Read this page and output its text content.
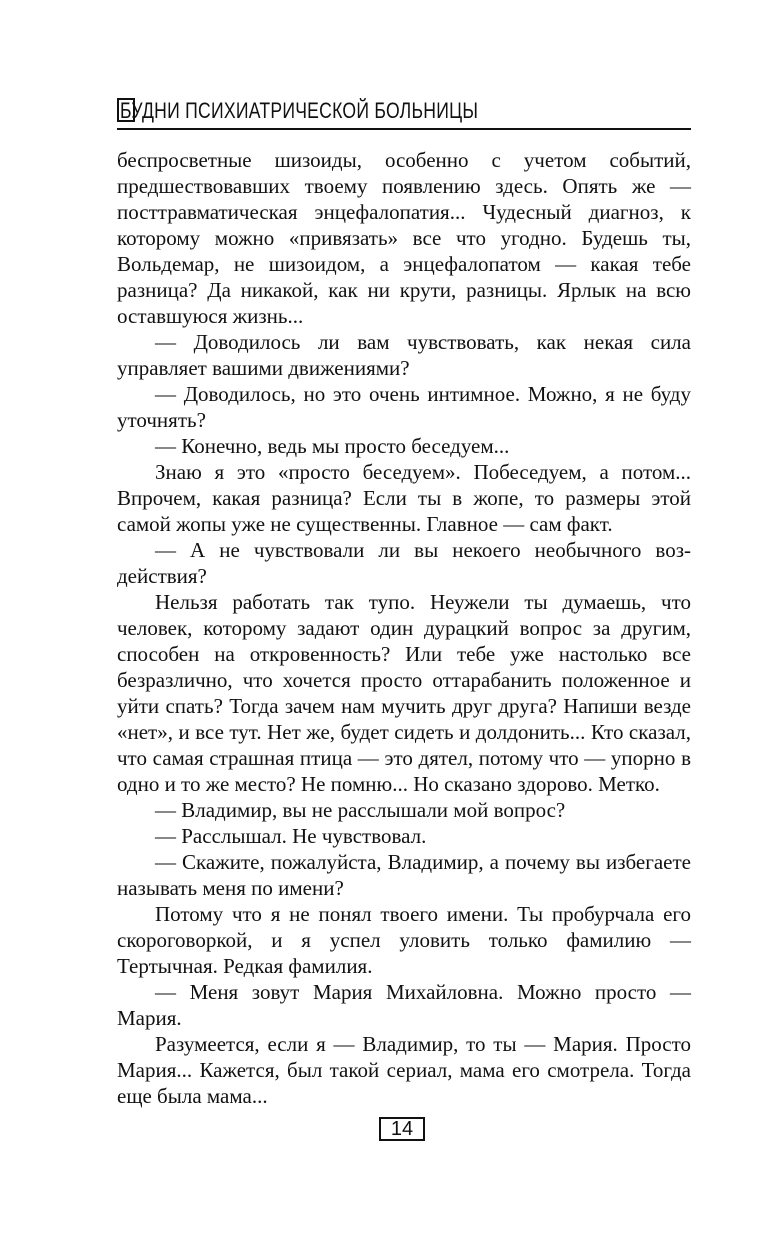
БУДНИ ПСИХИАТРИЧЕСКОЙ БОЛЬНИЦЫ

беспросветные шизоиды, особенно с учетом событий, предшествовавших твоему появлению здесь. Опять же — посттравматическая энцефалопатия... Чудесный диагноз, к которому можно «привязать» все что угодно. Будешь ты, Вольдемар, не шизоидом, а энцефалопатом — какая тебе разница? Да никакой, как ни крути, разницы. Ярлык на всю оставшуюся жизнь...

— Доводилось ли вам чувствовать, как некая сила управляет вашими движениями?

— Доводилось, но это очень интимное. Можно, я не буду уточнять?

— Конечно, ведь мы просто беседуем...

Знаю я это «просто беседуем». Побеседуем, а потом... Впрочем, какая разница? Если ты в жопе, то размеры этой самой жопы уже не существенны. Главное — сам факт.

— А не чувствовали ли вы некоего необычного воздействия?

Нельзя работать так тупо. Неужели ты думаешь, что человек, которому задают один дурацкий вопрос за другим, способен на откровенность? Или тебе уже настолько все безразлично, что хочется просто оттарабанить положенное и уйти спать? Тогда зачем нам мучить друг друга? Напиши везде «нет», и все тут. Нет же, будет сидеть и долдонить... Кто сказал, что самая страшная птица — это дятел, потому что — упорно в одно и то же место? Не помню... Но сказано здорово. Метко.

— Владимир, вы не расслышали мой вопрос?

— Расслышал. Не чувствовал.

— Скажите, пожалуйста, Владимир, а почему вы избегаете называть меня по имени?

Потому что я не понял твоего имени. Ты пробурчала его скороговоркой, и я успел уловить только фамилию — Тертычная. Редкая фамилия.

— Меня зовут Мария Михайловна. Можно просто — Мария.

Разумеется, если я — Владимир, то ты — Мария. Просто Мария... Кажется, был такой сериал, мама его смотрела. Тогда еще была мама...

14
